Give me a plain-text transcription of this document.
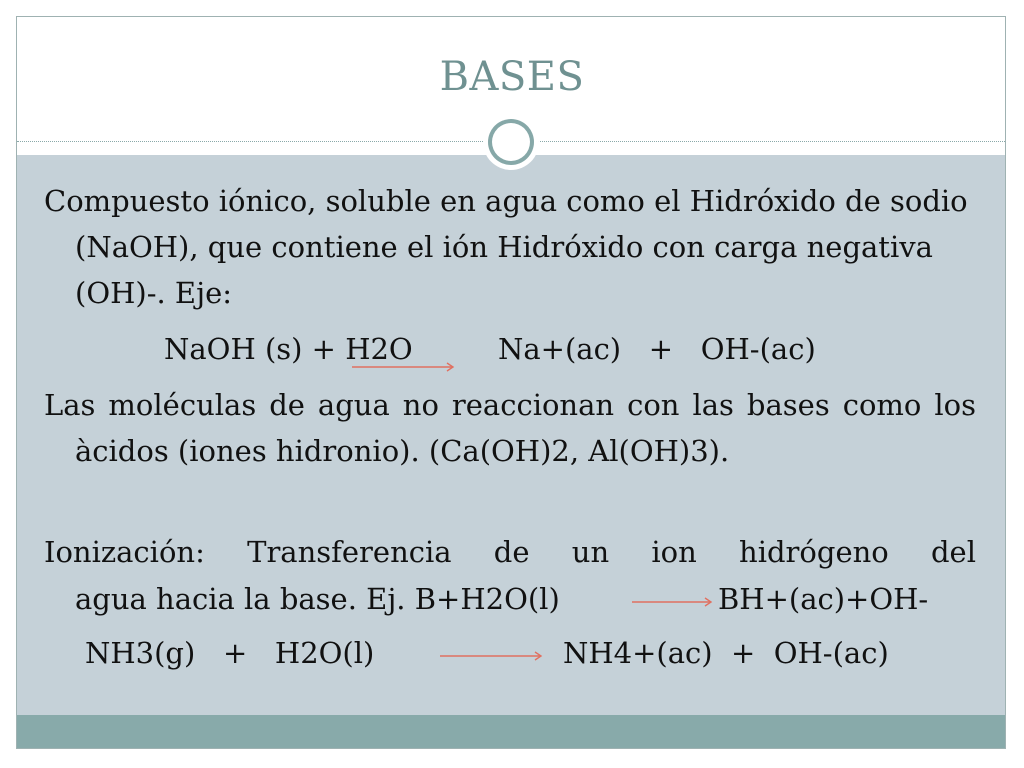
BASES

Compuesto iónico, soluble en agua como el Hidróxido de sodio (NaOH), que contiene el ión Hidróxido con carga negativa (OH)-. Eje:

NaOH (s) + H2O	Na+(ac)   +   OH-(ac)

Las moléculas de agua no reaccionan con las bases como los àcidos (iones hidronio). (Ca(OH)2, Al(OH)3).

Ionización: Transferencia de un ion hidrógeno del
agua hacia la base. Ej. B+H2O(l)	BH+(ac)+OH-
NH3(g)   +   H2O(l)	NH4+(ac)  +  OH-(ac)
